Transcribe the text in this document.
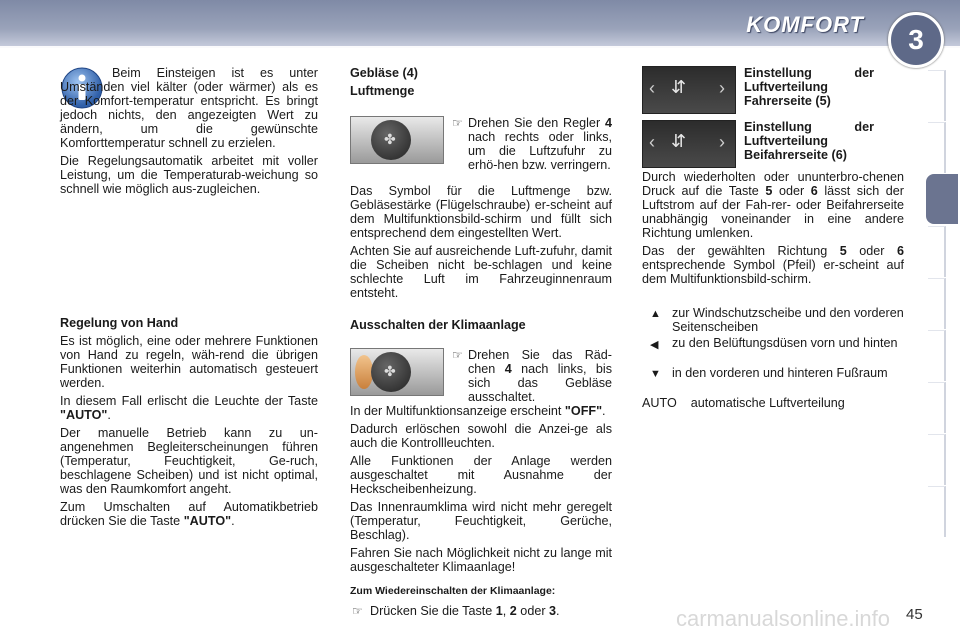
KOMFORT	3

Beim Einsteigen ist es unter Umständen viel kälter (oder wärmer) als es der Komfort-temperatur entspricht. Es bringt jedoch nichts, den angezeigten Wert zu ändern, um die gewünschte Komforttemperatur schnell zu erzielen.

Die Regelungsautomatik arbeitet mit voller Leistung, um die Temperaturab-weichung so schnell wie möglich aus-zugleichen.

Regelung von Hand

Es ist möglich, eine oder mehrere Funktionen von Hand zu regeln, wäh-rend die übrigen Funktionen weiterhin automatisch gesteuert werden.

In diesem Fall erlischt die Leuchte der Taste "AUTO".

Der manuelle Betrieb kann zu un-angenehmen Begleiterscheinungen führen (Temperatur, Feuchtigkeit, Ge-ruch, beschlagene Scheiben) und ist nicht optimal, was den Raumkomfort angeht.

Zum Umschalten auf Automatikbetrieb drücken Sie die Taste "AUTO".

Gebläse (4)

Luftmenge

✤
☞ Drehen Sie den Regler 4 nach rechts oder links, um die Luftzufuhr zu erhö-hen bzw. verringern.

Das Symbol für die Luftmenge bzw. Gebläsestärke (Flügelschraube) er-scheint auf dem Multifunktionsbild-schirm und füllt sich entsprechend dem eingestellten Wert.

Achten Sie auf ausreichende Luft-zufuhr, damit die Scheiben nicht be-schlagen und keine schlechte Luft im Fahrzeuginnenraum entsteht.

Ausschalten der Klimaanlage

✤
☞ Drehen Sie das Räd-chen 4 nach links, bis sich das Gebläse ausschaltet.

In der Multifunktionsanzeige erscheint "OFF".

Dadurch erlöschen sowohl die Anzei-ge als auch die Kontrollleuchten.

Alle Funktionen der Anlage werden ausgeschaltet mit Ausnahme der Heckscheibenheizung.

Das Innenraumklima wird nicht mehr geregelt (Temperatur, Feuchtigkeit, Gerüche, Beschlag).

Fahren Sie nach Möglichkeit nicht zu lange mit ausgeschalteter Klimaanlage!

Zum Wiedereinschalten der Klimaanlage:

☞ Drücken Sie die Taste 1, 2 oder 3.

‹ ⇵ ›

Einstellung der Luftverteilung Fahrerseite (5)

‹ ⇵ ›

Einstellung der Luftverteilung Beifahrerseite (6)

Durch wiederholten oder ununterbro-chenen Druck auf die Taste 5 oder 6 lässt sich der Luftstrom auf der Fah-rer- oder Beifahrerseite unabhängig voneinander in eine andere Richtung umlenken.

Das der gewählten Richtung 5 oder 6 entsprechende Symbol (Pfeil) er-scheint auf dem Multifunktionsbild-schirm.

▲ zur Windschutzscheibe und den vorderen Seitenscheiben

◀	zu den Belüftungsdüsen vorn und hinten

▼ in den vorderen und hinteren Fußraum

AUTO    automatische Luftverteilung

carmanualsonline.info 45
